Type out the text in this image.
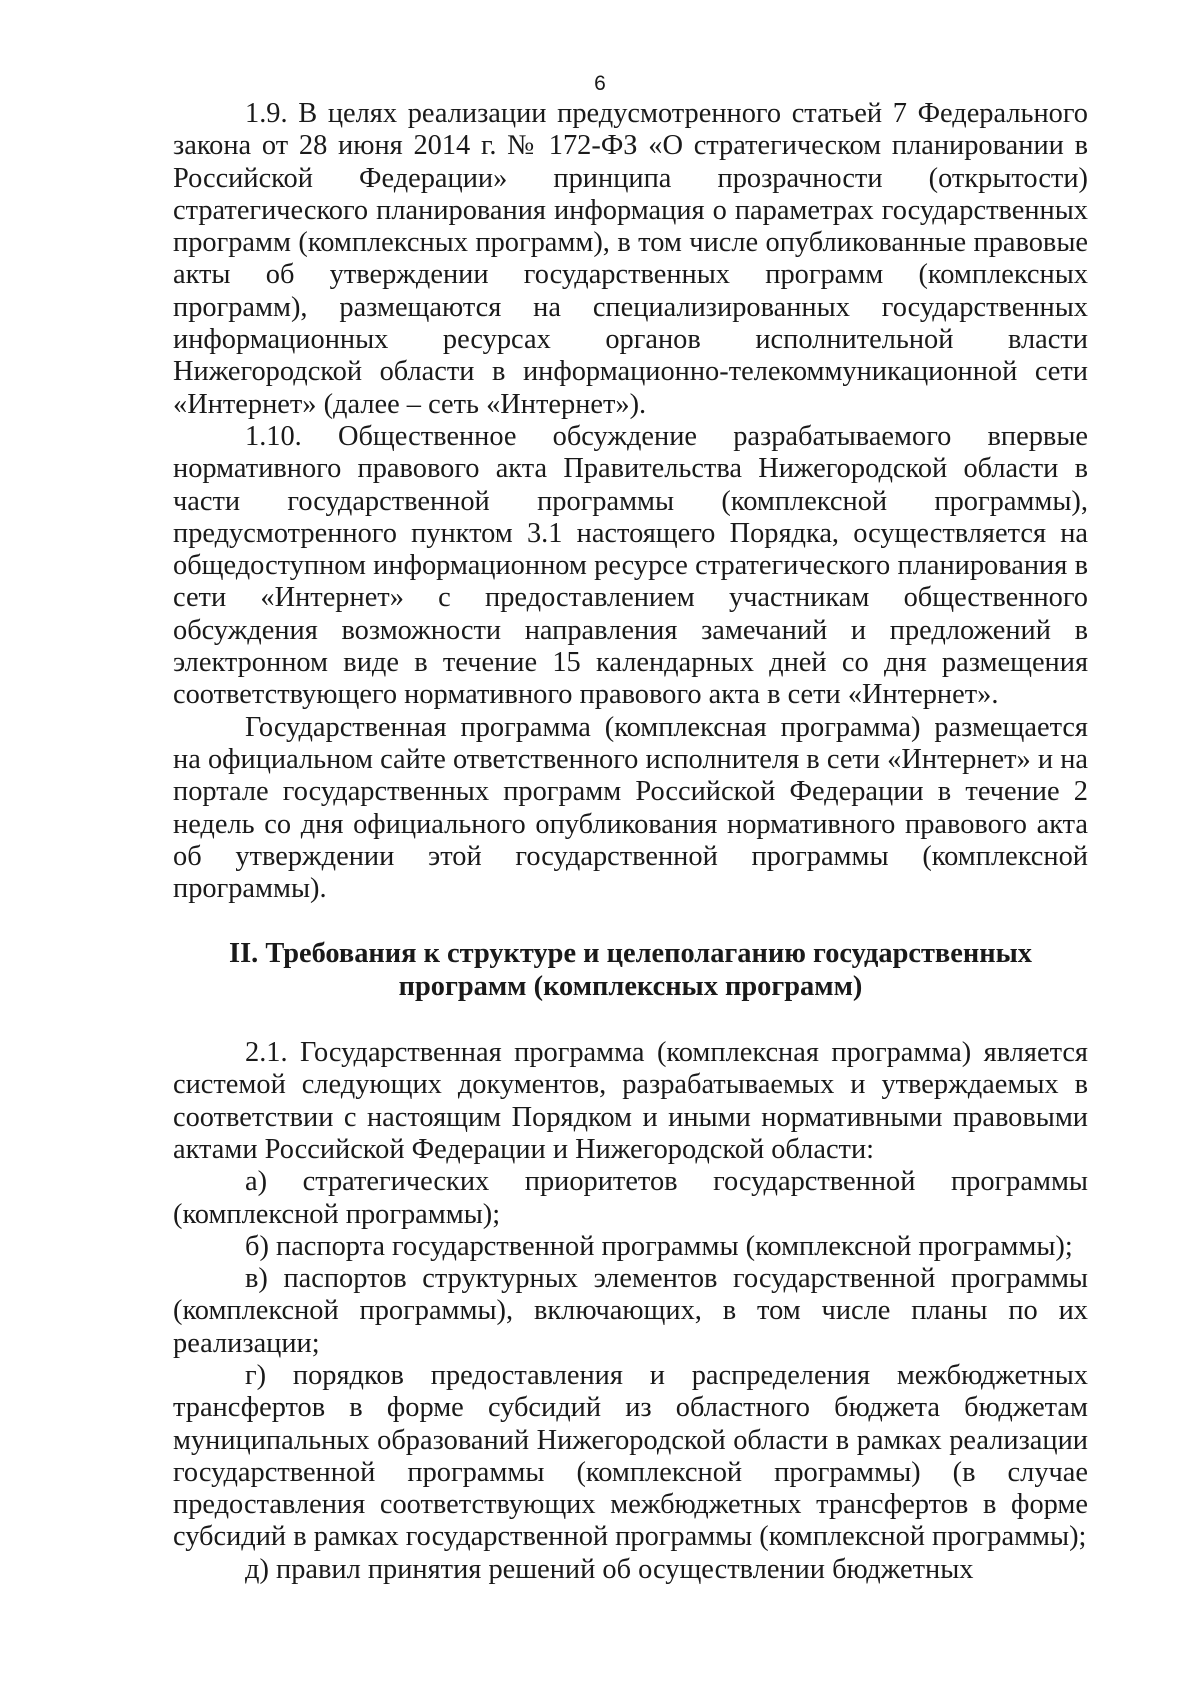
6

1.9. В целях реализации предусмотренного статьей 7 Федерального закона от 28 июня 2014 г. № 172-ФЗ «О стратегическом планировании в Российской Федерации» принципа прозрачности (открытости) стратегического планирования информация о параметрах государственных программ (комплексных программ), в том числе опубликованные правовые акты об утверждении государственных программ (комплексных программ), размещаются на специализированных государственных информационных ресурсах органов исполнительной власти Нижегородской области в информационно-телекоммуникационной сети «Интернет» (далее – сеть «Интернет»).

1.10. Общественное обсуждение разрабатываемого впервые нормативного правового акта Правительства Нижегородской области в части государственной программы (комплексной программы), предусмотренного пунктом 3.1 настоящего Порядка, осуществляется на общедоступном информационном ресурсе стратегического планирования в сети «Интернет» с предоставлением участникам общественного обсуждения возможности направления замечаний и предложений в электронном виде в течение 15 календарных дней со дня размещения соответствующего нормативного правового акта в сети «Интернет».

Государственная программа (комплексная программа) размещается на официальном сайте ответственного исполнителя в сети «Интернет» и на портале государственных программ Российской Федерации в течение 2 недель со дня официального опубликования нормативного правового акта об утверждении этой государственной программы (комплексной программы).

II. Требования к структуре и целеполаганию государственных
программ (комплексных программ)

2.1. Государственная программа (комплексная программа) является системой следующих документов, разрабатываемых и утверждаемых в соответствии с настоящим Порядком и иными нормативными правовыми актами Российской Федерации и Нижегородской области:

а) стратегических приоритетов государственной программы (комплексной программы);

б) паспорта государственной программы (комплексной программы);

в) паспортов структурных элементов государственной программы (комплексной программы), включающих, в том числе планы по их реализации;

г) порядков предоставления и распределения межбюджетных трансфертов в форме субсидий из областного бюджета бюджетам муниципальных образований Нижегородской области в рамках реализации государственной программы (комплексной программы) (в случае предоставления соответствующих межбюджетных трансфертов в форме субсидий в рамках государственной программы (комплексной программы);

д) правил принятия решений об осуществлении бюджетных
